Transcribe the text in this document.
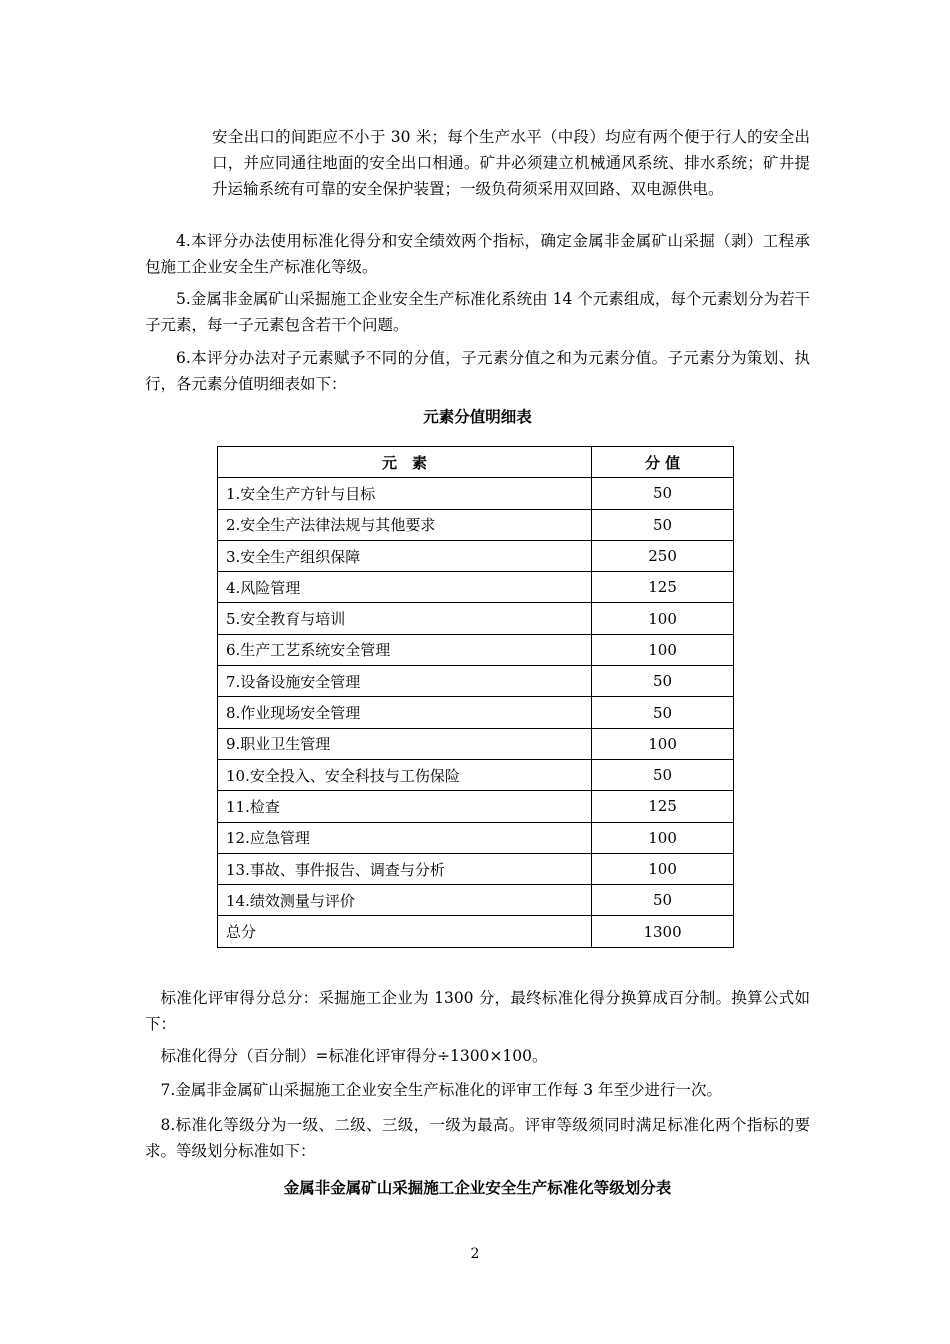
安全出口的间距应不小于 30 米；每个生产水平（中段）均应有两个便于行人的安全出口，并应同通往地面的安全出口相通。矿井必须建立机械通风系统、排水系统；矿井提升运输系统有可靠的安全保护装置；一级负荷须采用双回路、双电源供电。

4.本评分办法使用标准化得分和安全绩效两个指标，确定金属非金属矿山采掘（剥）工程承包施工企业安全生产标准化等级。

5.金属非金属矿山采掘施工企业安全生产标准化系统由 14 个元素组成，每个元素划分为若干子元素，每一子元素包含若干个问题。

6.本评分办法对子元素赋予不同的分值，子元素分值之和为元素分值。子元素分为策划、执行，各元素分值明细表如下：

元素分值明细表

元　素	分 值
1.安全生产方针与目标	50
2.安全生产法律法规与其他要求	50
3.安全生产组织保障	250
4.风险管理	125
5.安全教育与培训	100
6.生产工艺系统安全管理	100
7.设备设施安全管理	50
8.作业现场安全管理	50
9.职业卫生管理	100
10.安全投入、安全科技与工伤保险	50
11.检查	125
12.应急管理	100
13.事故、事件报告、调查与分析	100
14.绩效测量与评价	50
总分	1300

标准化评审得分总分：采掘施工企业为 1300 分，最终标准化得分换算成百分制。换算公式如下：

标准化得分（百分制）=标准化评审得分÷1300×100。

7.金属非金属矿山采掘施工企业安全生产标准化的评审工作每 3 年至少进行一次。

8.标准化等级分为一级、二级、三级，一级为最高。评审等级须同时满足标准化两个指标的要求。等级划分标准如下：

金属非金属矿山采掘施工企业安全生产标准化等级划分表

2
